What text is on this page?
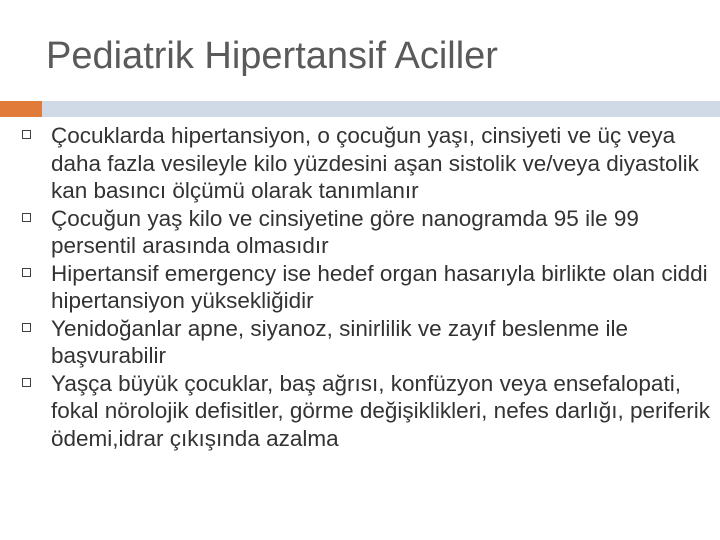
Pediatrik Hipertansif Aciller
Çocuklarda hipertansiyon, o çocuğun yaşı, cinsiyeti ve üç veya daha fazla vesileyle kilo yüzdesini aşan sistolik ve/veya diyastolik kan basıncı ölçümü olarak tanımlanır
Çocuğun yaş kilo ve cinsiyetine göre nanogramda 95 ile 99 persentil arasında olmasıdır
Hipertansif emergency ise hedef organ hasarıyla birlikte olan ciddi hipertansiyon yüksekliğidir
Yenidoğanlar apne, siyanoz, sinirlilik ve zayıf beslenme ile başvurabilir
Yaşça büyük çocuklar, baş ağrısı, konfüzyon veya ensefalopati, fokal nörolojik defisitler, görme değişiklikleri, nefes darlığı, periferik ödemi,idrar çıkışında azalma
